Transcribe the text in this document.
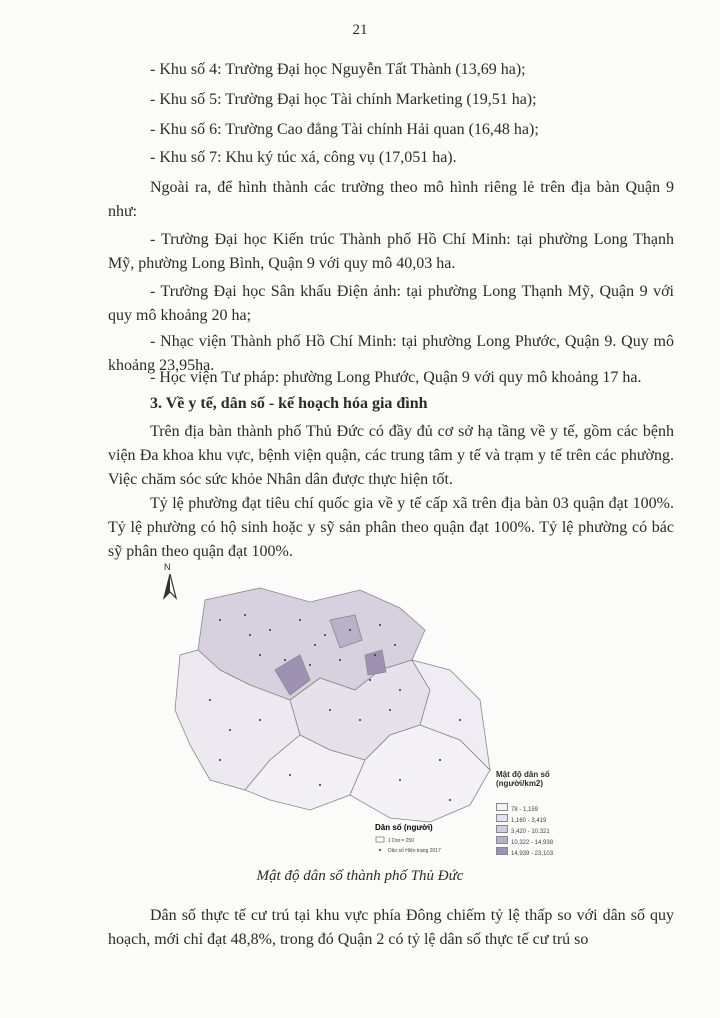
21
- Khu số 4: Trường Đại học Nguyễn Tất Thành (13,69 ha);
- Khu số 5: Trường Đại học Tài chính Marketing (19,51 ha);
- Khu số 6: Trường Cao đẳng Tài chính Hải quan (16,48 ha);
- Khu số 7: Khu ký túc xá, công vụ (17,051 ha).

Ngoài ra, để hình thành các trường theo mô hình riêng lẻ trên địa bàn Quận 9 như:

- Trường Đại học Kiến trúc Thành phố Hồ Chí Minh: tại phường Long Thạnh Mỹ, phường Long Bình, Quận 9 với quy mô 40,03 ha.

- Trường Đại học Sân khấu Điện ảnh: tại phường Long Thạnh Mỹ, Quận 9 với quy mô khoảng 20 ha;

- Nhạc viện Thành phố Hồ Chí Minh: tại phường Long Phước, Quận 9. Quy mô khoảng 23,95ha.

- Học viện Tư pháp: phường Long Phước, Quận 9 với quy mô khoảng 17 ha.
3. Về y tế, dân số - kế hoạch hóa gia đình

Trên địa bàn thành phố Thủ Đức có đầy đủ cơ sở hạ tầng về y tế, gồm các bệnh viện Đa khoa khu vực, bệnh viện quận, các trung tâm y tế và trạm y tế trên các phường. Việc chăm sóc sức khỏe Nhân dân được thực hiện tốt.

Tỷ lệ phường đạt tiêu chí quốc gia về y tế cấp xã trên địa bàn 03 quận đạt 100%. Tỷ lệ phường có hộ sinh hoặc y sỹ sản phân theo quận đạt 100%. Tỷ lệ phường có bác sỹ phân theo quận đạt 100%.

Dân số (người)
1 Dot = 250
Dân số Hiện trạng 2017
Mật độ dân số (người/km2)
78 - 1,159
1,160 - 3,419
3,420 - 10,321
10,322 - 14,938
14,939 - 23,103
N
Mật độ dân số thành phố Thủ Đức

Dân số thực tế cư trú tại khu vực phía Đông chiếm tỷ lệ thấp so với dân số quy hoạch, mới chỉ đạt 48,8%, trong đó Quận 2 có tỷ lệ dân số thực tế cư trú so
